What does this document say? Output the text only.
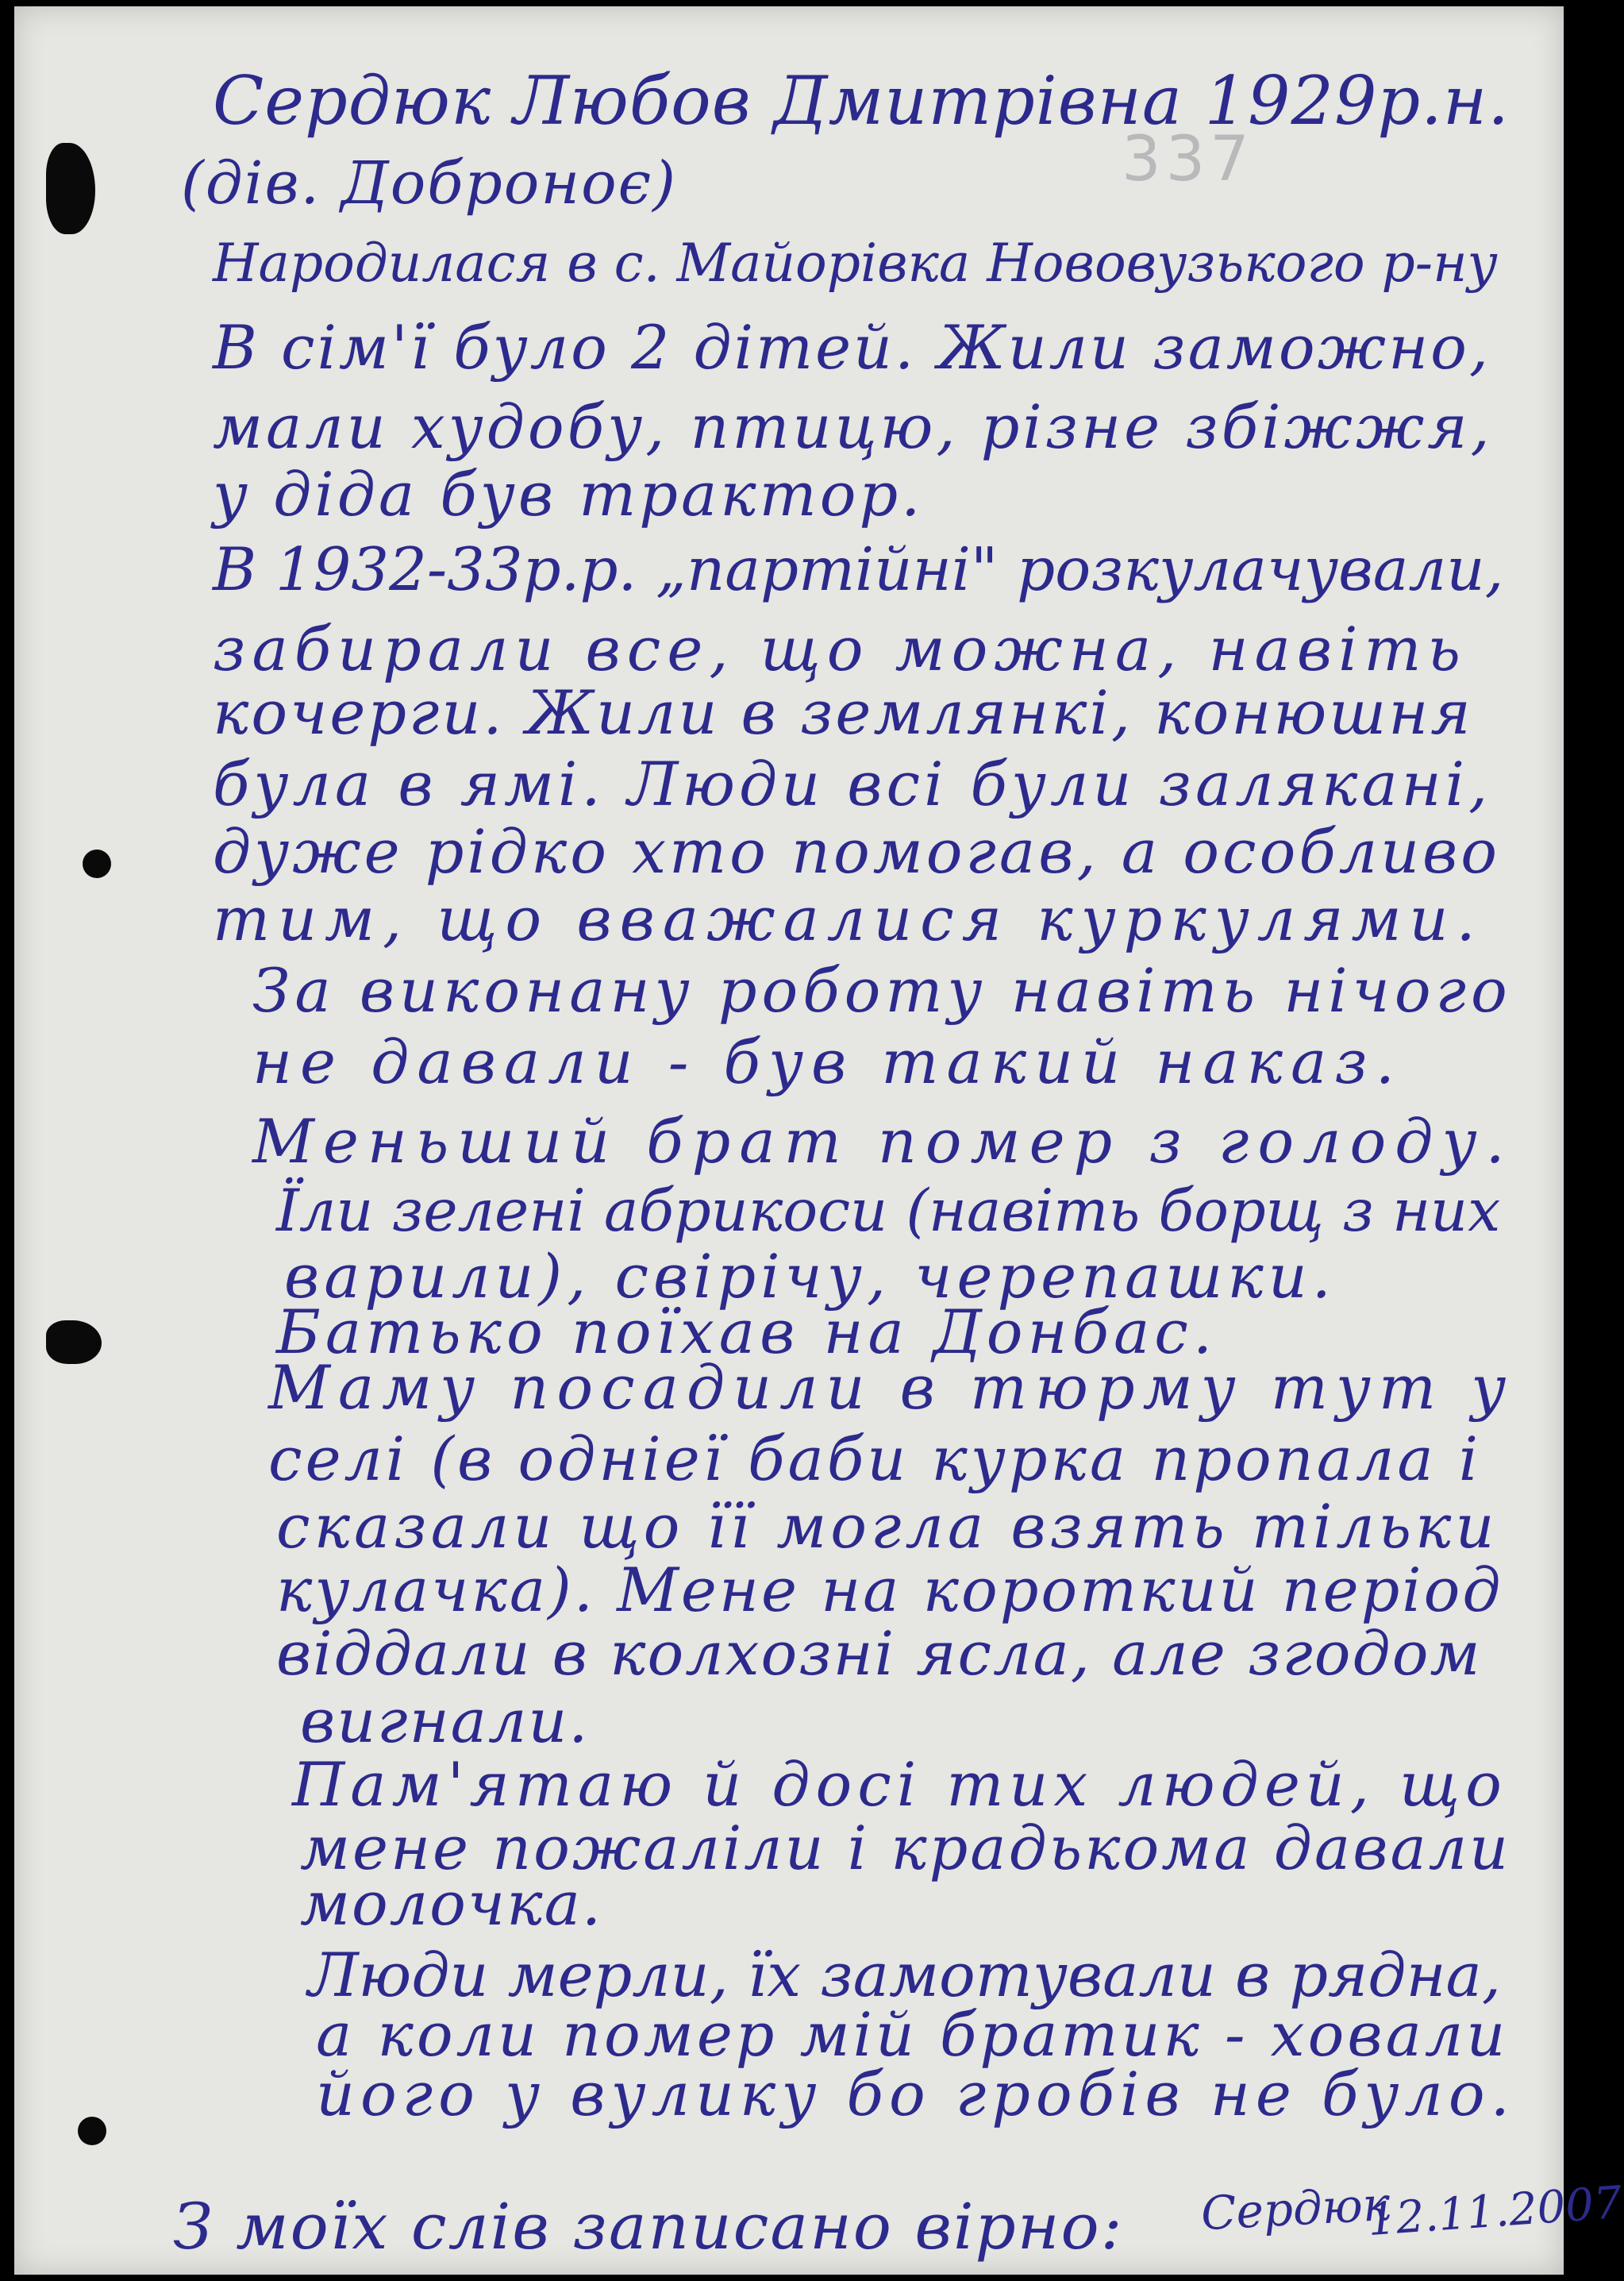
337
Сердюк Любов Дмитрівна 1929р.н.
(дів. Доброноє)
Народилася в с. Майорівка Нововузького р-ну
В сім'ї було 2 дітей. Жили заможно,
мали худобу, птицю, різне збіжжя,
у діда був трактор.
В 1932-33р.р. „партійні" розкулачували,
забирали все, що можна, навіть
кочерги. Жили в землянкі, конюшня
була в ямі. Люди всі були залякані,
дуже рідко хто помогав, а особливо
тим, що вважалися куркулями.
За виконану роботу навіть нічого
не давали - був такий наказ.
Меньший брат помер з голоду.
Їли зелені абрикоси (навіть борщ з них
варили), свірічу, черепашки.
Батько поїхав на Донбас.
Маму посадили в тюрму тут у
селі (в одніеї баби курка пропала і
сказали що її могла взять тільки
кулачка). Мене на короткий період
віддали в колхозні ясла, але згодом
вигнали.
Пам'ятаю й досі тих людей, що
мене пожаліли і крадькома давали
молочка.
Люди мерли, їх замотували в рядна,
а коли помер мій братик - ховали
його у вулику бо гробів не було.
З моїх слів записано вірно: Сердюк
12.11.2007
